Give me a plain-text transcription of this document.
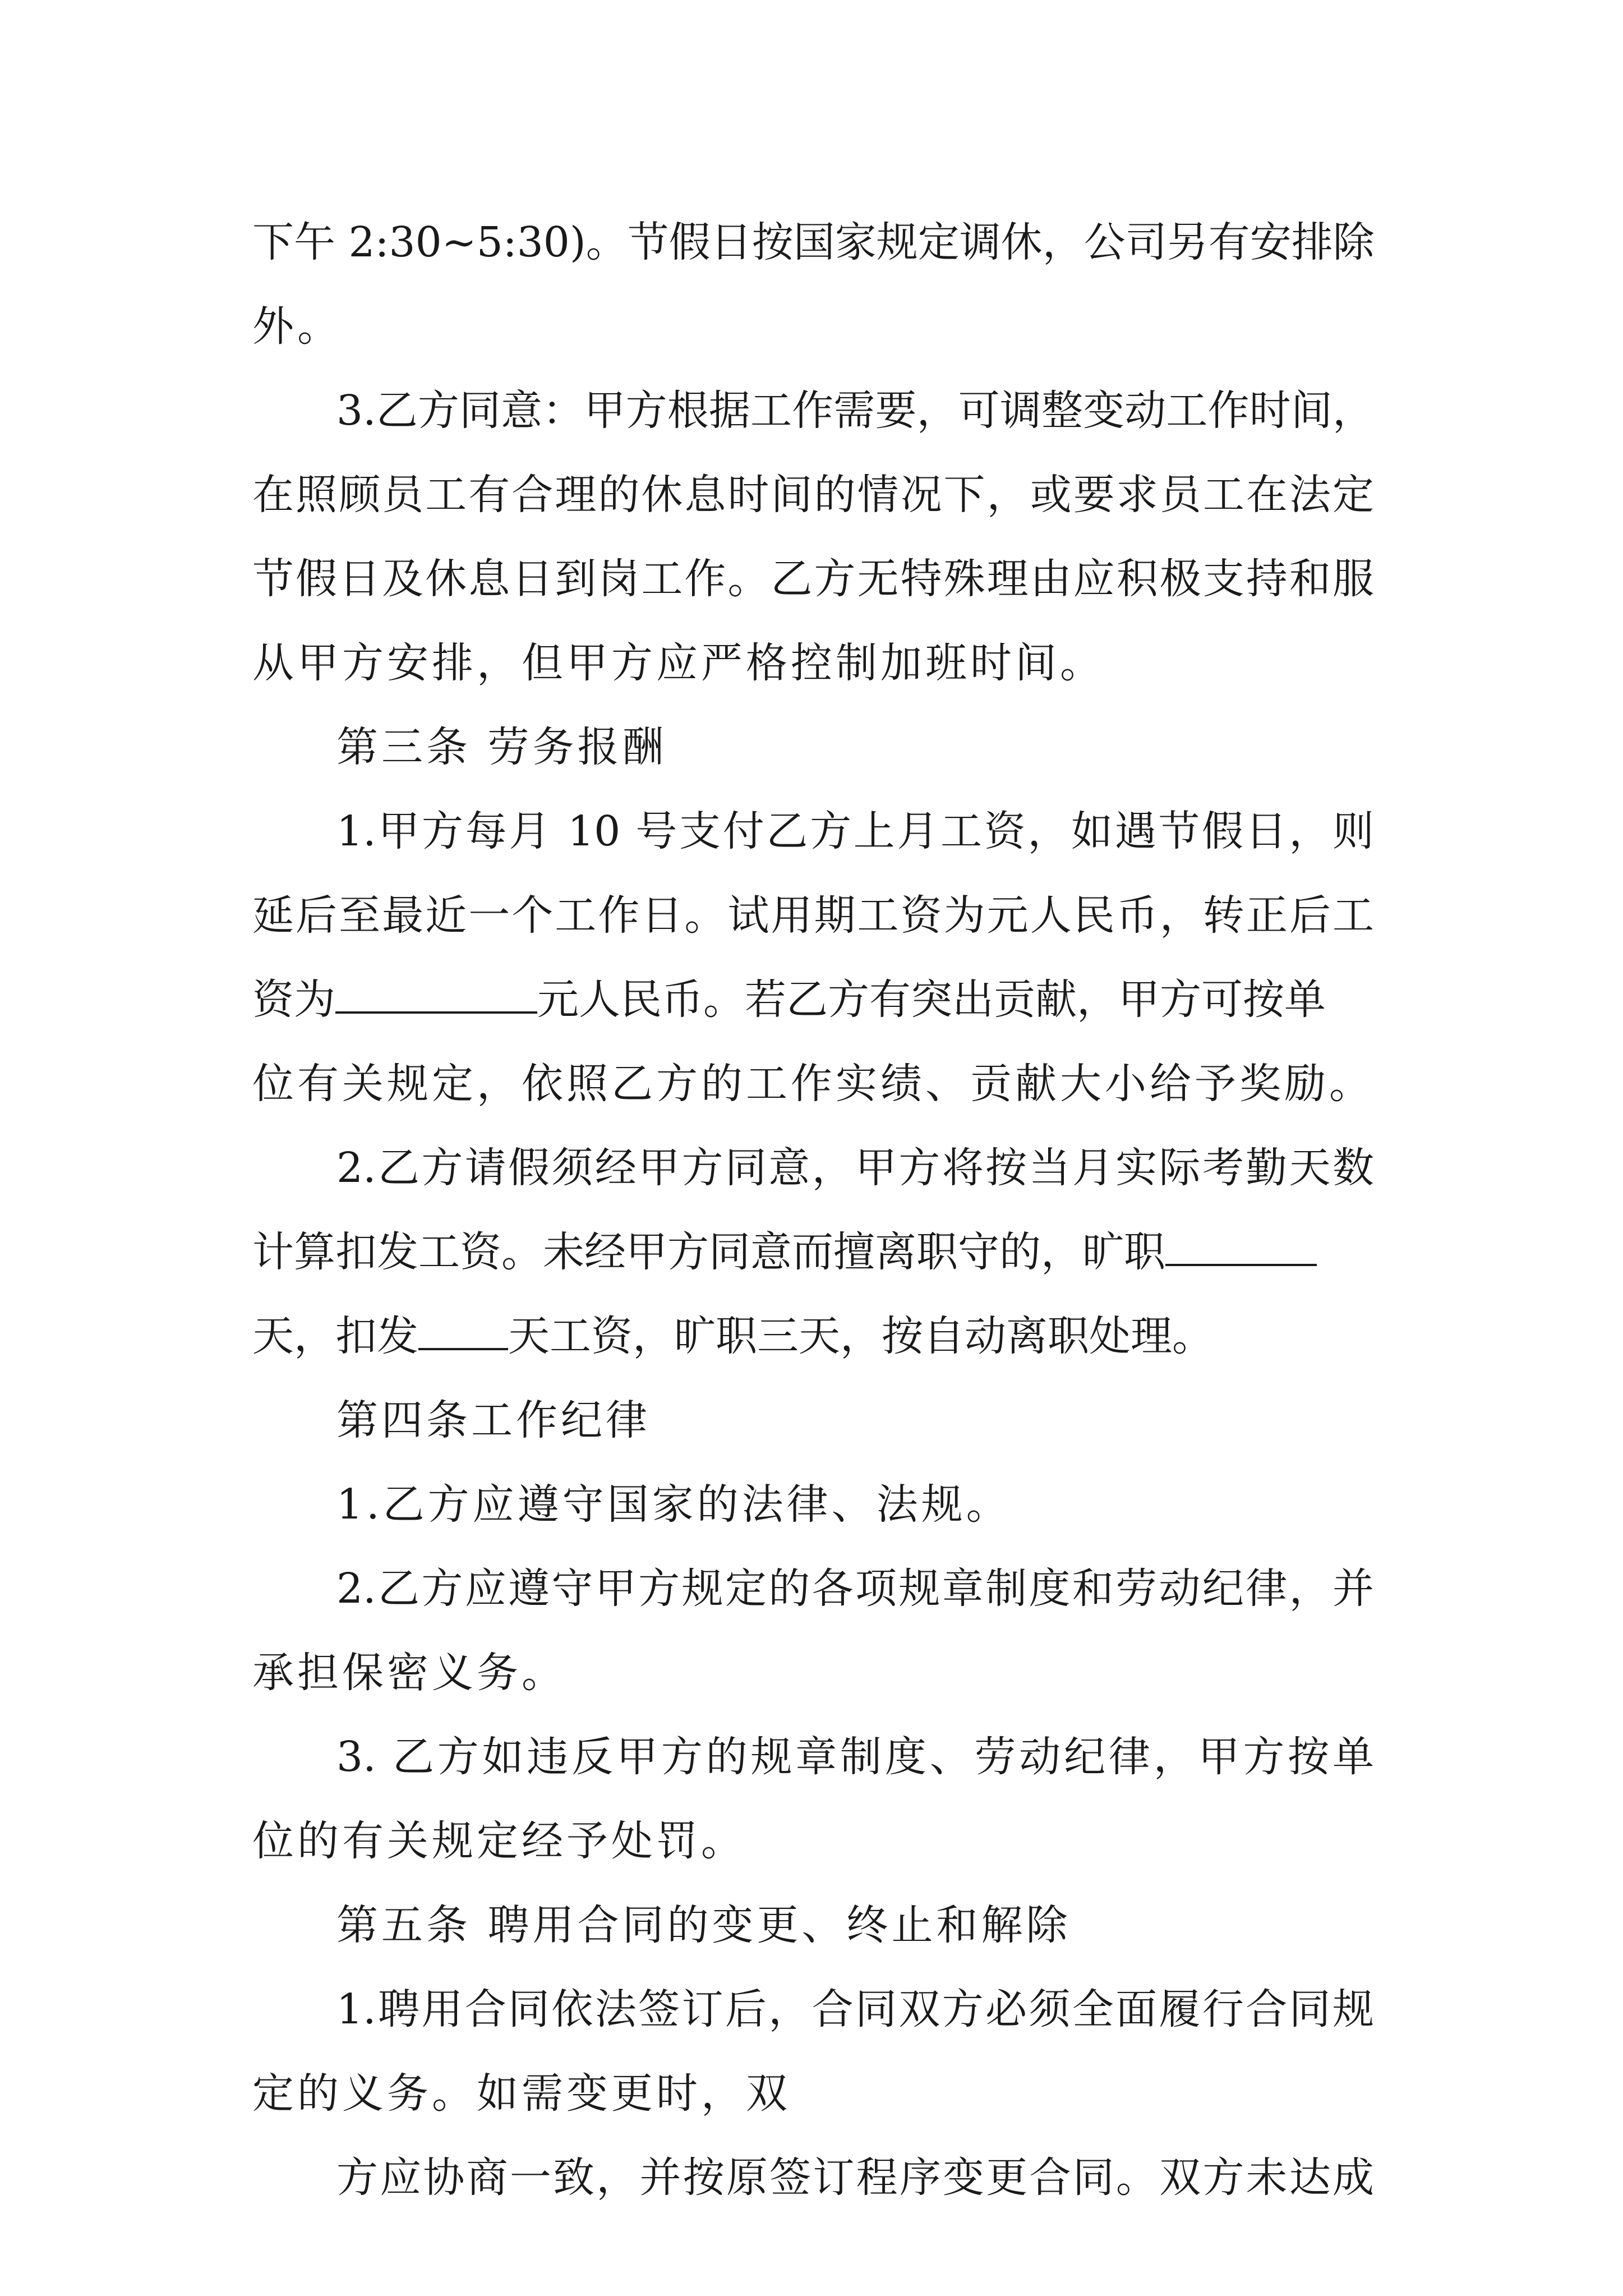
下午 2:30~5:30)。节假日按国家规定调休，公司另有安排除

外。

3.乙方同意：甲方根据工作需要，可调整变动工作时间，

在照顾员工有合理的休息时间的情况下，或要求员工在法定

节假日及休息日到岗工作。乙方无特殊理由应积极支持和服

从甲方安排，但甲方应严格控制加班时间。

第三条 劳务报酬

1.甲方每月 10 号支付乙方上月工资，如遇节假日，则

延后至最近一个工作日。试用期工资为元人民币，转正后工

资为	元人民币。若乙方有突出贡献，甲方可按单

位有关规定，依照乙方的工作实绩、贡献大小给予奖励。

2.乙方请假须经甲方同意，甲方将按当月实际考勤天数

计算扣发工资。未经甲方同意而擅离职守的，旷职
天，扣发 天工资，旷职三天，按自动离职处理。

第四条工作纪律

1.乙方应遵守国家的法律、法规。

2.乙方应遵守甲方规定的各项规章制度和劳动纪律，并

承担保密义务。

3. 乙方如违反甲方的规章制度、劳动纪律，甲方按单

位的有关规定经予处罚。

第五条 聘用合同的变更、终止和解除

1.聘用合同依法签订后，合同双方必须全面履行合同规

定的义务。如需变更时，双

方应协商一致，并按原签订程序变更合同。双方未达成
